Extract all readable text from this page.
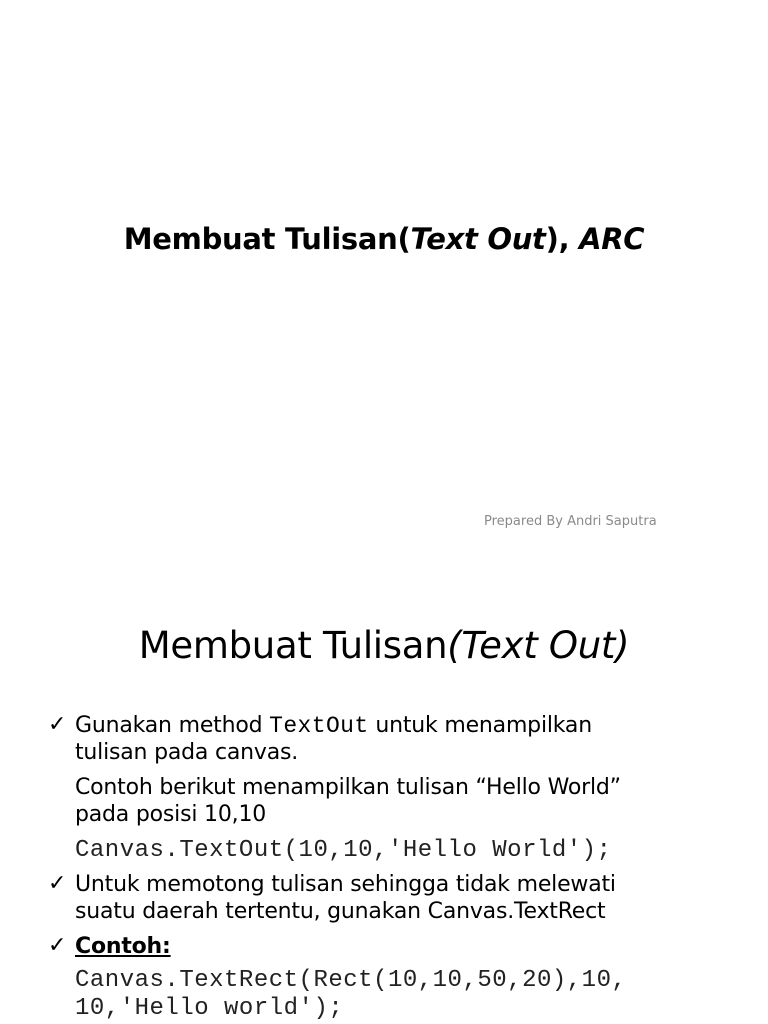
Membuat Tulisan(Text Out), ARC
Prepared By Andri Saputra
Membuat Tulisan(Text Out)
✓ Gunakan method TextOut untuk menampilkan
tulisan pada canvas.
Contoh berikut menampilkan tulisan “Hello World”
pada posisi 10,10
Canvas.TextOut(10,10,'Hello World');
✓ Untuk memotong tulisan sehingga tidak melewati
suatu daerah tertentu, gunakan Canvas.TextRect
✓ Contoh:
Canvas.TextRect(Rect(10,10,50,20),10,
10,'Hello world');
